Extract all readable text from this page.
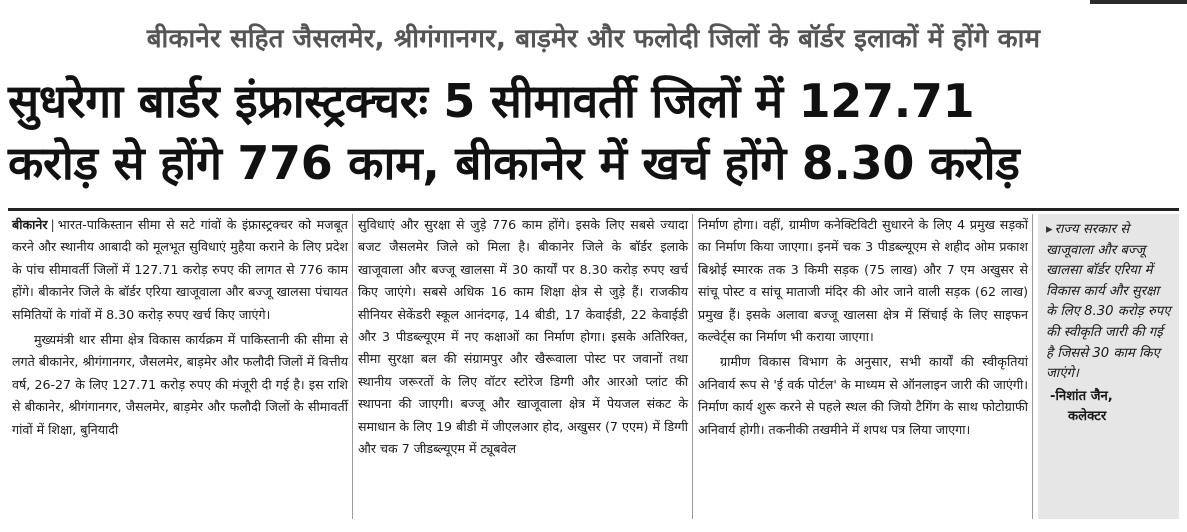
बीकानेर सहित जैसलमेर, श्रीगंगानगर, बाड़मेर और फलोदी जिलों के बॉर्डर इलाकों में होंगे काम
सुधरेगा बार्डर इंफ्रास्ट्रक्चरः 5 सीमावर्ती जिलों में 127.71
करोड़ से होंगे 776 काम, बीकानेर में खर्च होंगे 8.30 करोड़

बीकानेर | भारत-पाकिस्तान सीमा से सटे गांवों के इंफ्रास्ट्रक्चर को मजबूत करने और स्थानीय आबादी को मूलभूत सुविधाएं मुहैया कराने के लिए प्रदेश के पांच सीमावर्ती जिलों में 127.71 करोड़ रुपए की लागत से 776 काम होंगे। बीकानेर जिले के बॉर्डर एरिया खाजूवाला और बज्जू खालसा पंचायत समितियों के गांवों में 8.30 करोड़ रुपए खर्च किए जाएंगे।

मुख्यमंत्री थार सीमा क्षेत्र विकास कार्यक्रम में पाकिस्तानी की सीमा से लगते बीकानेर, श्रीगंगानगर, जैसलमेर, बाड़मेर और फलौदी जिलों में वित्तीय वर्ष, 26-27 के लिए 127.71 करोड़ रुपए की मंजूरी दी गई है। इस राशि से बीकानेर, श्रीगंगानगर, जैसलमेर, बाड़मेर और फलौदी जिलों के सीमावर्ती गांवों में शिक्षा, बुनियादी

सुविधाएं और सुरक्षा से जुड़े 776 काम होंगे। इसके लिए सबसे ज्यादा बजट जैसलमेर जिले को मिला है। बीकानेर जिले के बॉर्डर इलाके खाजूवाला और बज्जू खालसा में 30 कार्यों पर 8.30 करोड़ रुपए खर्च किए जाएंगे। सबसे अधिक 16 काम शिक्षा क्षेत्र से जुड़े हैं। राजकीय सीनियर सेकेंडरी स्कूल आनंदगढ़, 14 बीडी, 17 केवाईडी, 22 केवाईडी और 3 पीडब्ल्यूएम में नए कक्षाओं का निर्माण होगा। इसके अतिरिक्त, सीमा सुरक्षा बल की संग्रामपुर और खैरूवाला पोस्ट पर जवानों तथा स्थानीय जरूरतों के लिए वॉटर स्टोरेज डिग्गी और आरओ प्लांट की स्थापना की जाएगी। बज्जू और खाजूवाला क्षेत्र में पेयजल संकट के समाधान के लिए 19 बीडी में जीएलआर होद, अखुसर (7 एएम) में डिग्गी और चक 7 जीडब्ल्यूएम में ट्यूबवेल

निर्माण होगा। वहीं, ग्रामीण कनेक्टिविटी सुधारने के लिए 4 प्रमुख सड़कों का निर्माण किया जाएगा। इनमें चक 3 पीडब्ल्यूएम से शहीद ओम प्रकाश बिश्नोई स्मारक तक 3 किमी सड़क (75 लाख) और 7 एम अखुसर से सांचू पोस्ट व सांचू माताजी मंदिर की ओर जाने वाली सड़क (62 लाख) प्रमुख हैं। इसके अलावा बज्जू खालसा क्षेत्र में सिंचाई के लिए साइफन कल्वेर्ट्स का निर्माण भी कराया जाएगा।

ग्रामीण विकास विभाग के अनुसार, सभी कार्यों की स्वीकृतियां अनिवार्य रूप से 'ई वर्क पोर्टल' के माध्यम से ऑनलाइन जारी की जाएंगी। निर्माण कार्य शुरू करने से पहले स्थल की जियो टैगिंग के साथ फोटोग्राफी अनिवार्य होगी। तकनीकी तखमीने में शपथ पत्र लिया जाएगा।

▸ राज्य सरकार से खाजूवाला और बज्जू खालसा बॉर्डर एरिया में विकास कार्य और सुरक्षा के लिए 8.30 करोड़ रुपए की स्वीकृति जारी की गई है जिससे 30 काम किए जाएंगे।
-निशांत जैन,
कलेक्टर
